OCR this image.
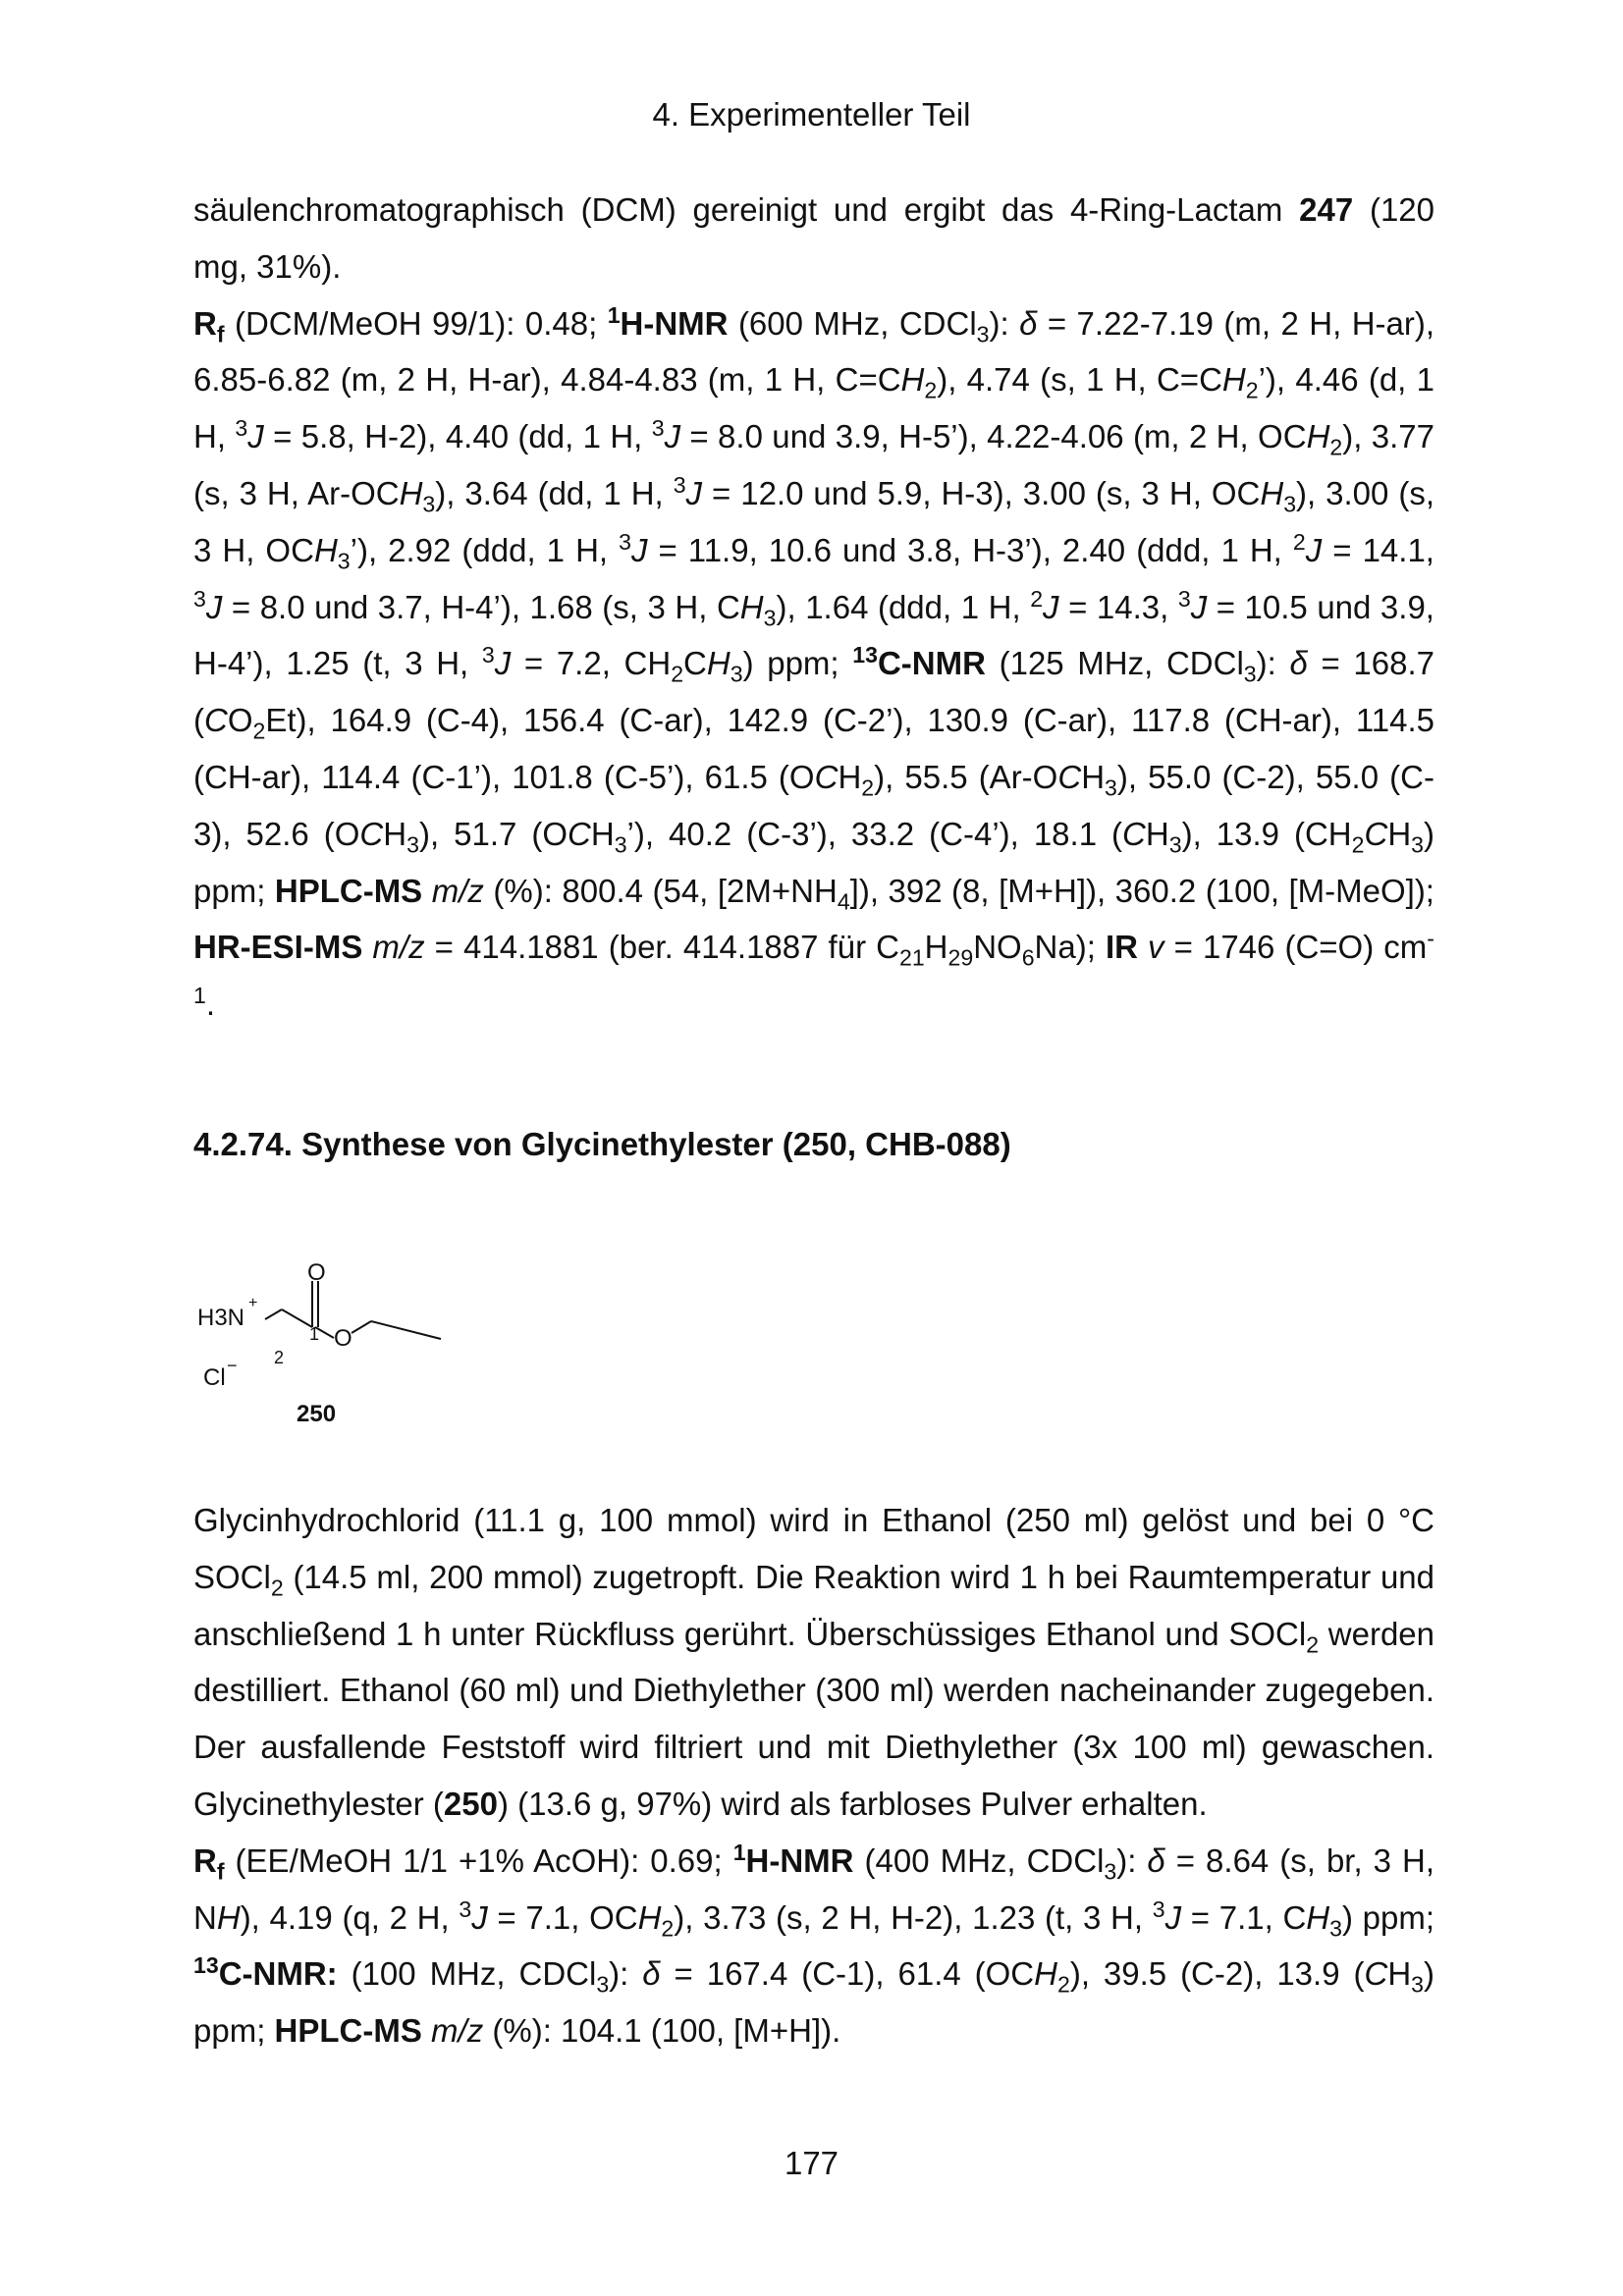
4. Experimenteller Teil

säulenchromatographisch (DCM) gereinigt und ergibt das 4-Ring-Lactam 247 (120 mg, 31%).

$R_f$ (DCM/MeOH 99/1): 0.48; $^1$H-NMR (600 MHz, CDCl$_3$): δ = 7.22-7.19 (m, 2 H, H-ar), 6.85-6.82 (m, 2 H, H-ar), 4.84-4.83 (m, 1 H, $C=CH_2$), 4.74 (s, 1 H, $C=CH_2$’), 4.46 (d, 1 H, $^3$J = 5.8, H-2), 4.40 (dd, 1 H, $^3$J = 8.0 und 3.9, H-5’), 4.22-4.06 (m, 2 H, $OCH_2$), 3.77 (s, 3 H, $Ar-OCH_3$), 3.64 (dd, 1 H, $^3$J = 12.0 und 5.9, H-3), 3.00 (s, 3 H, $OCH_3$), 3.00 (s, 3 H, $OCH_3$’), 2.92 (ddd, 1 H, $^3$J = 11.9, 10.6 und 3.8, H-3’), 2.40 (ddd, 1 H, $^2$J = 14.1, $^3$J = 8.0 und 3.7, H-4’), 1.68 (s, 3 H, $CH_3$), 1.64 (ddd, 1 H, $^2$J = 14.3, $^3$J = 10.5 und 3.9, H-4’), 1.25 (t, 3 H, $^3$J = 7.2, $CH_2CH_3$) ppm; $^{13}$C-NMR (125 MHz, CDCl$_3$): δ = 168.7 $(CO_2Et)$, 164.9 (C-4), 156.4 (C-ar), 142.9 (C-2’), 130.9 (C-ar), 117.8 (CH-ar), 114.5 (CH-ar), 114.4 (C-1’), 101.8 (C-5’), 61.5 $(OCH_2)$, 55.5 $(Ar-OCH_3)$, 55.0 (C-2), 55.0 (C-3), 52.6 $(OCH_3)$, 51.7 $(OCH_3’)$, 40.2 (C-3’), 33.2 (C-4’), 18.1 $(CH_3)$, 13.9 $(CH_2CH_3)$ ppm; HPLC-MS m/z (%): 800.4 (54, $[2M+NH_4]$), 392 (8, [M+H]), 360.2 (100, [M-MeO]); HR-ESI-MS m/z = 414.1881 (ber. 414.1887 für $C_{21}H_{29}NO_6Na$); IR v = 1746 (C=O) $cm^{-1}$.

4.2.74. Synthese von Glycinethylester (250, CHB-088)
O
O
H3N
+
Cl −
1
2
250

Glycinhydrochlorid (11.1 g, 100 mmol) wird in Ethanol (250 ml) gelöst und bei 0 °C SOCl$_2$ (14.5 ml, 200 mmol) zugetropft. Die Reaktion wird 1 h bei Raumtemperatur und anschließend 1 h unter Rückfluss gerührt. Überschüssiges Ethanol und SOCl$_2$ werden destilliert. Ethanol (60 ml) und Diethylether (300 ml) werden nacheinander zugegeben. Der ausfallende Feststoff wird filtriert und mit Diethylether (3x 100 ml) gewaschen. Glycinethylester (250) (13.6 g, 97%) wird als farbloses Pulver erhalten.

$R_f$ (EE/MeOH 1/1 +1% AcOH): 0.69; $^1$H-NMR (400 MHz, CDCl$_3$): δ = 8.64 (s, br, 3 H, NH), 4.19 (q, 2 H, $^3$J = 7.1, $OCH_2$), 3.73 (s, 2 H, H-2), 1.23 (t, 3 H, $^3$J = 7.1, $CH_3$) ppm; $^{13}$C-NMR: (100 MHz, CDCl$_3$): δ = 167.4 (C-1), 61.4 $(OCH_2)$, 39.5 (C-2), 13.9 $(CH_3)$ ppm; HPLC-MS m/z (%): 104.1 (100, [M+H]).

177
